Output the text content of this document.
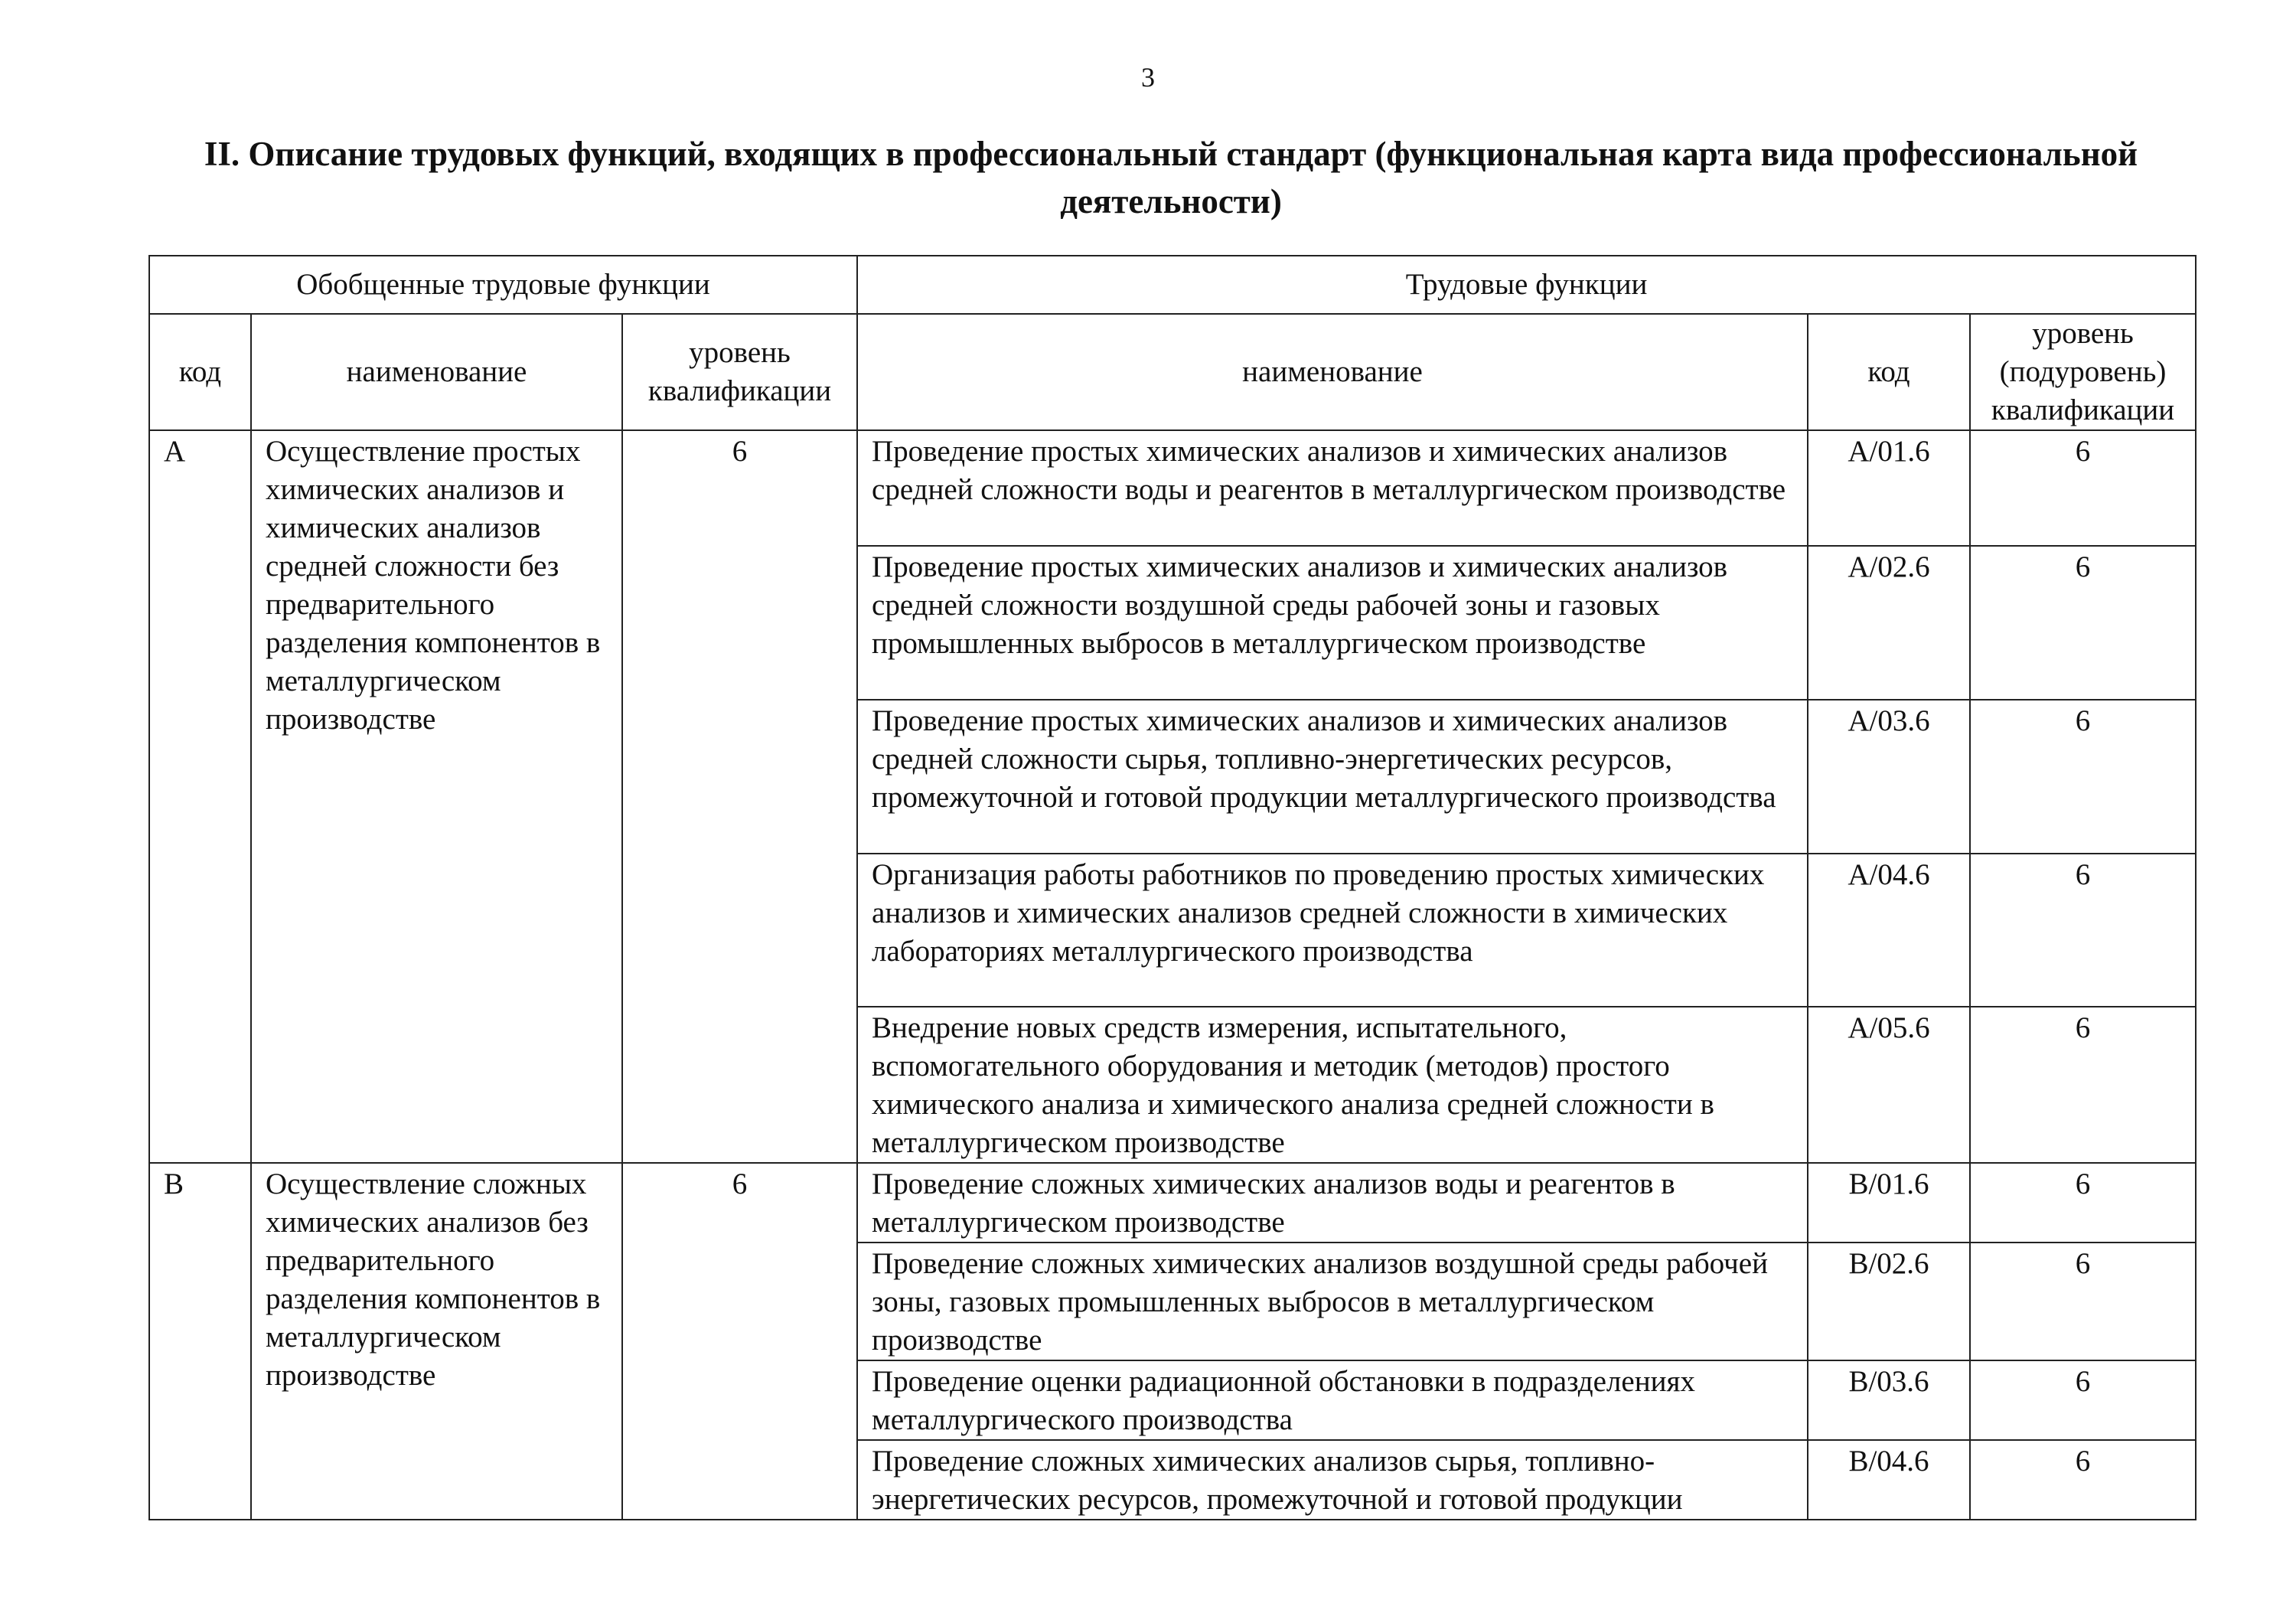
3
II. Описание трудовых функций, входящих в профессиональный стандарт (функциональная карта вида профессиональной деятельности)
Обобщенные трудовые функции			Трудовые функции		
код	наименование	уровень квалификации	наименование	код	уровень (подуровень) квалификации
A	Осуществление простых химических анализов и химических анализов средней сложности без предварительного разделения компонентов в металлургическом производстве	6	Проведение простых химических анализов и химических анализов средней сложности воды и реагентов в металлургическом производстве	A/01.6	6
			Проведение простых химических анализов и химических анализов средней сложности воздушной среды рабочей зоны и газовых промышленных выбросов в металлургическом производстве	A/02.6	6
			Проведение простых химических анализов и химических анализов средней сложности сырья, топливно-энергетических ресурсов, промежуточной и готовой продукции металлургического производства	A/03.6	6
			Организация работы работников по проведению простых химических анализов и химических анализов средней сложности в химических лабораториях металлургического производства	A/04.6	6
			Внедрение новых средств измерения, испытательного, вспомогательного оборудования и методик (методов) простого химического анализа и химического анализа средней сложности в металлургическом производстве	A/05.6	6
B	Осуществление сложных химических анализов без предварительного разделения компонентов в металлургическом производстве	6	Проведение сложных химических анализов воды и реагентов в металлургическом производстве	B/01.6	6
			Проведение сложных химических анализов воздушной среды рабочей зоны, газовых промышленных выбросов в металлургическом производстве	B/02.6	6
			Проведение оценки радиационной обстановки в подразделениях металлургического производства	B/03.6	6
			Проведение сложных химических анализов сырья, топливно-энергетических ресурсов, промежуточной и готовой продукции	B/04.6	6
